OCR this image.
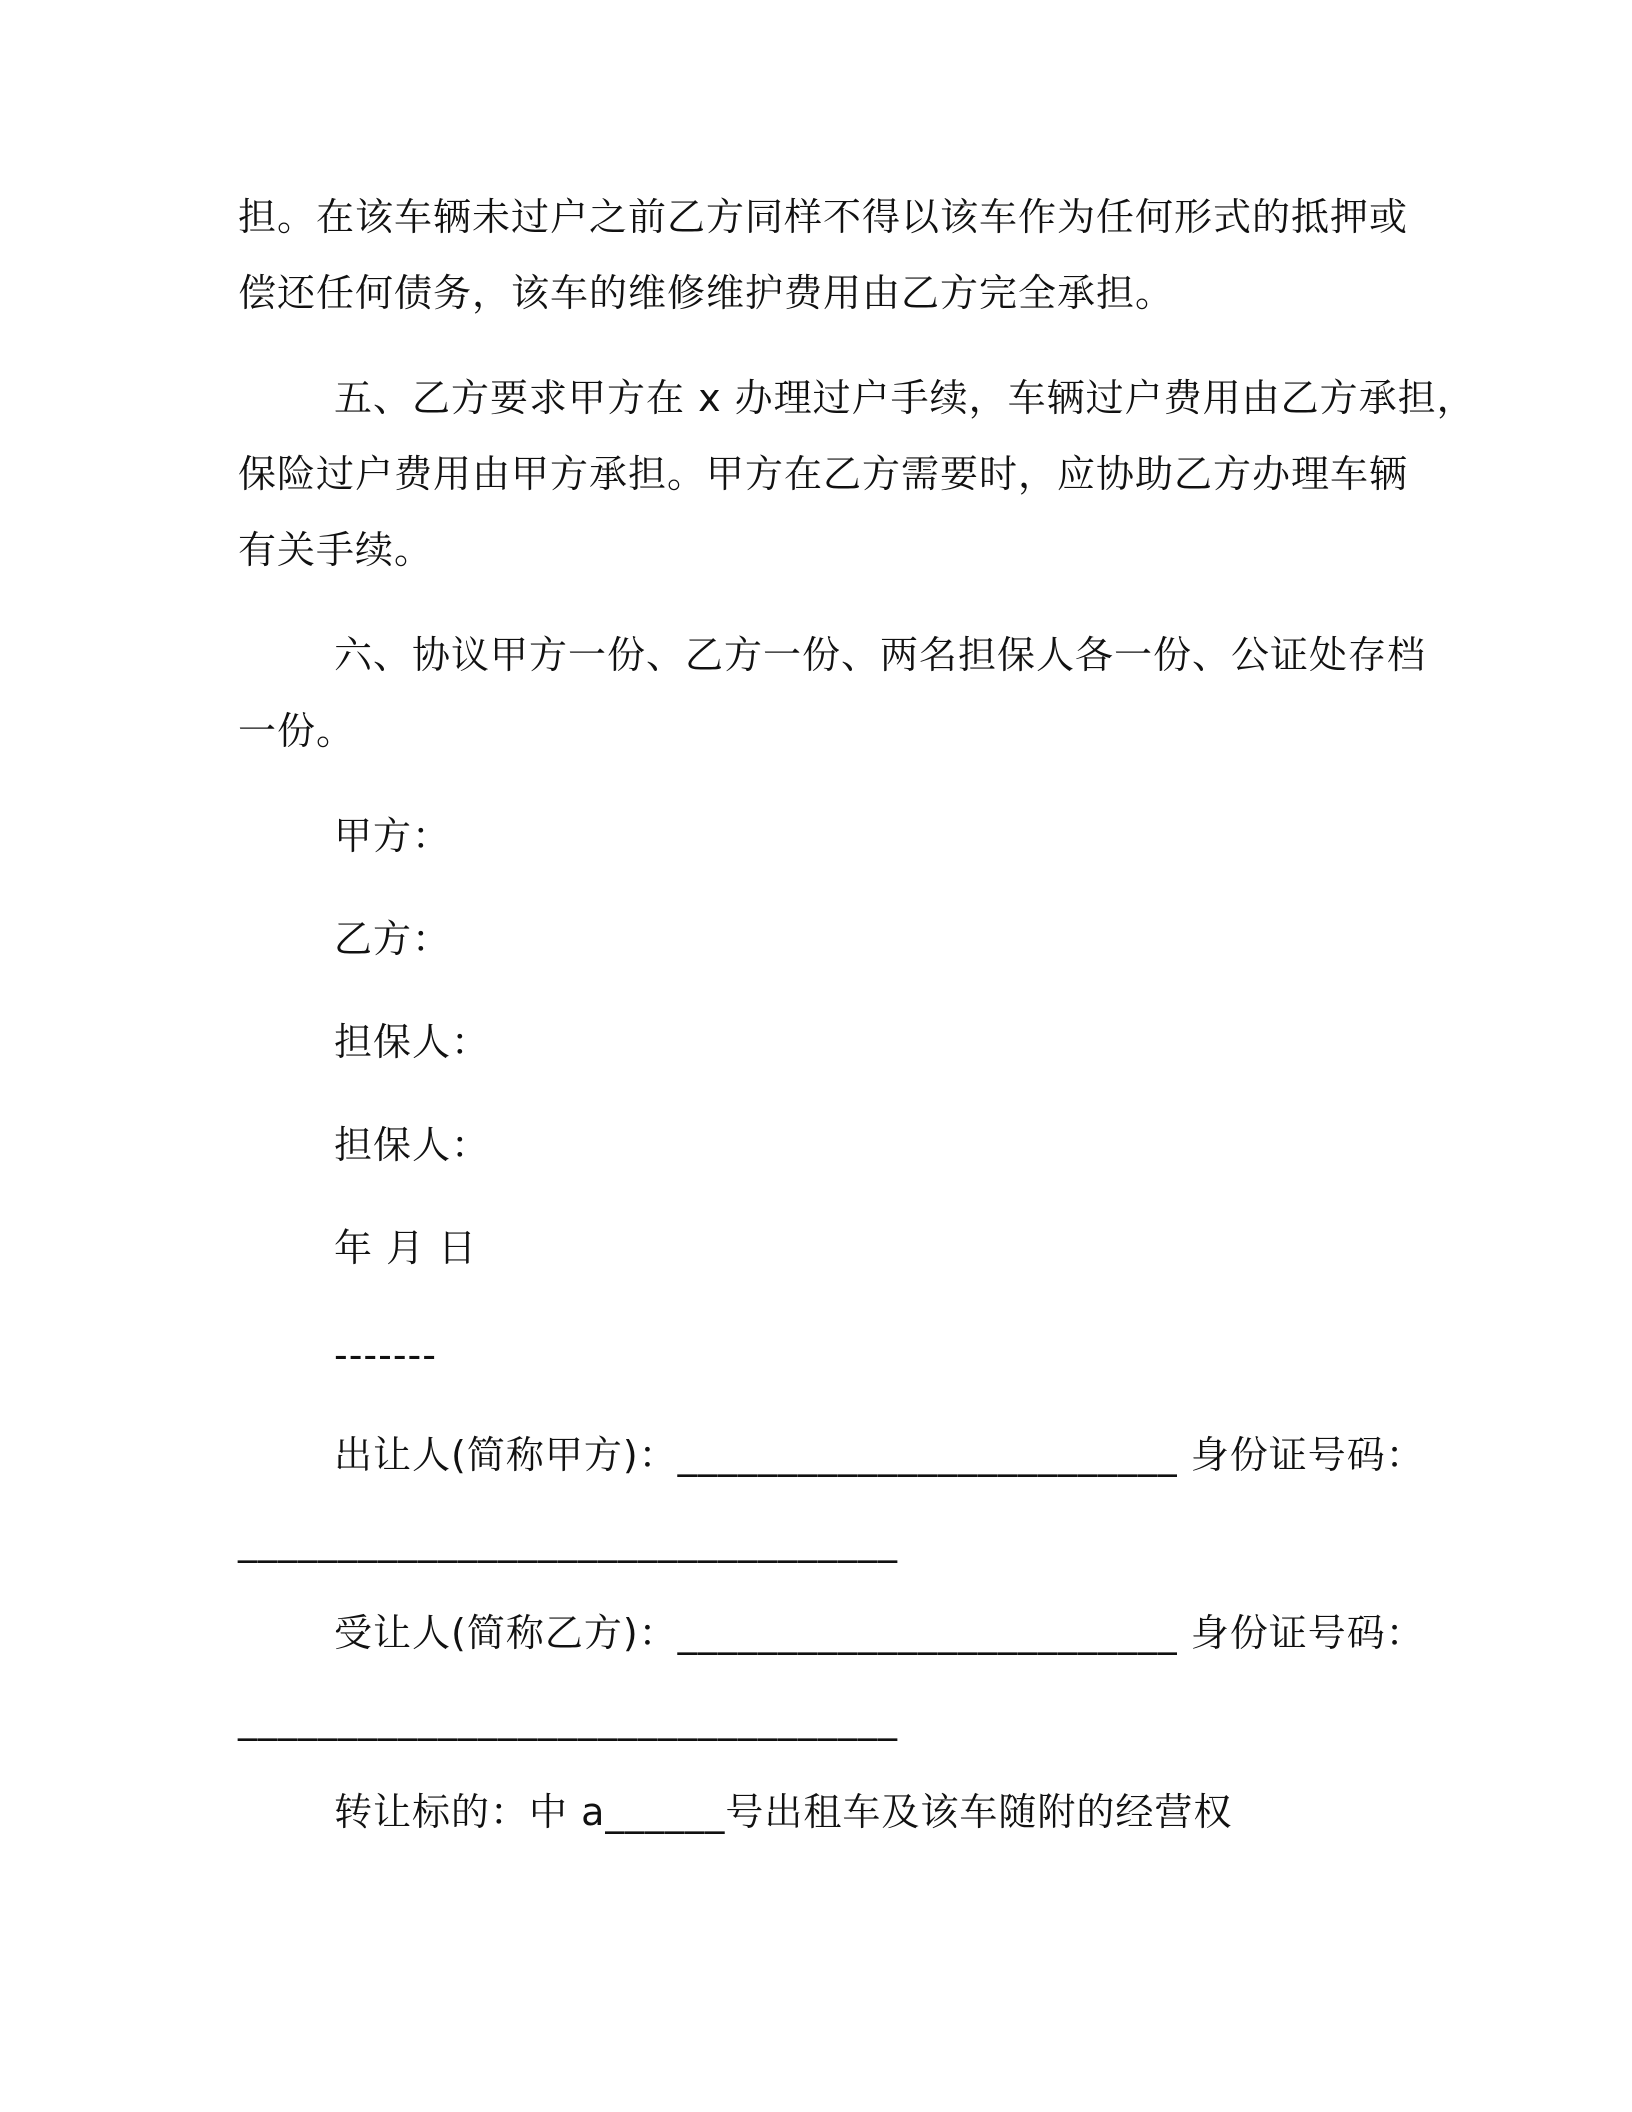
担。在该车辆未过户之前乙方同样不得以该车作为任何形式的抵押或
偿还任何债务，该车的维修维护费用由乙方完全承担。
五、乙方要求甲方在 x 办理过户手续，车辆过户费用由乙方承担，
保险过户费用由甲方承担。甲方在乙方需要时，应协助乙方办理车辆
有关手续。
六、协议甲方一份、乙方一份、两名担保人各一份、公证处存档
一份。
甲方：
乙方：
担保人：
担保人：
年 月 日
-------
出让人(简称甲方)：_________________________ 身份证号码：
_________________________________
受让人(简称乙方)：_________________________ 身份证号码：
_________________________________
转让标的：中 a______号出租车及该车随附的经营权
